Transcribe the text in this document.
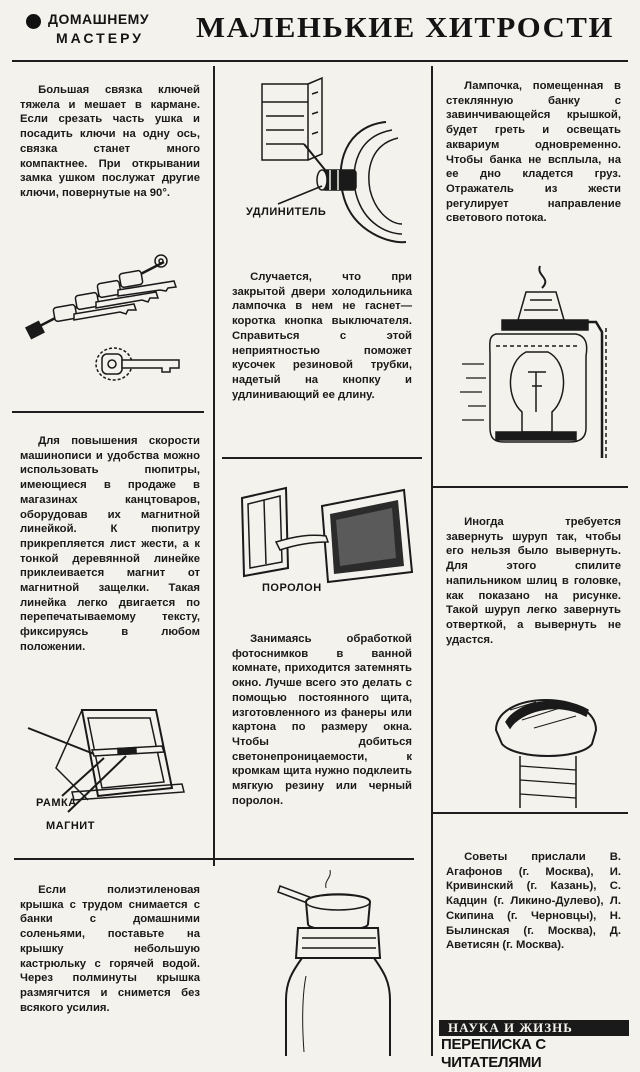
ДОМАШНЕМУ
МАСТЕРУ МАЛЕНЬКИЕ ХИТРОСТИ
Большая связка ключей тяжела и мешает в кармане. Если срезать часть ушка и посадить ключи на одну ось, связка станет много компактнее. При открывании замка ушком послужат другие ключи, повернутые на 90°.
Случается, что при закрытой двери холодильника лампочка в нем не гаснет—коротка кнопка выключателя. Справиться с этой неприятностью поможет кусочек резиновой трубки, надетый на кнопку и удлинивающий ее длину.
Лампочка, помещенная в стеклянную банку с завинчивающейся крышкой, будет греть и освещать аквариум одновременно. Чтобы банка не всплыла, на ее дно кладется груз. Отражатель из жести регулирует направление светового потока.
Для повышения скорости машинописи и удобства можно использовать пюпитры, имеющиеся в продаже в магазинах канцтоваров, оборудовав их магнитной линейкой. К пюпитру прикрепляется лист жести, а к тонкой деревянной линейке приклеивается магнит от магнитной защелки. Такая линейка легко двигается по перепечатываемому тексту, фиксируясь в любом положении.
Занимаясь обработкой фотоснимков в ванной комнате, приходится затемнять окно. Лучше всего это делать с помощью постоянного щита, изготовленного из фанеры или картона по размеру окна. Чтобы добиться светонепроницаемости, к кромкам щита нужно подклеить мягкую резину или черный поролон.
Иногда требуется завернуть шуруп так, чтобы его нельзя было вывернуть. Для этого спилите напильником шлиц в головке, как показано на рисунке. Такой шуруп легко завернуть отверткой, а вывернуть не удастся.
Если полиэтиленовая крышка с трудом снимается с банки с домашними соленьями, поставьте на крышку небольшую кастрюльку с горячей водой. Через полминуты крышка размягчится и снимется без всякого усилия.
Советы прислали В. Агафонов (г. Москва), И. Кривинский (г. Казань), С. Кадцин (г. Ликино-Дулево), Л. Скипина (г. Черновцы), Н. Былинская (г. Москва), Д. Аветисян (г. Москва).
УДЛИНИТЕЛЬ
ПОРОЛОН
РАМКА
МАГНИТ
НАУКА И ЖИЗНЬ
ПЕРЕПИСКА С ЧИТАТЕЛЯМИ
